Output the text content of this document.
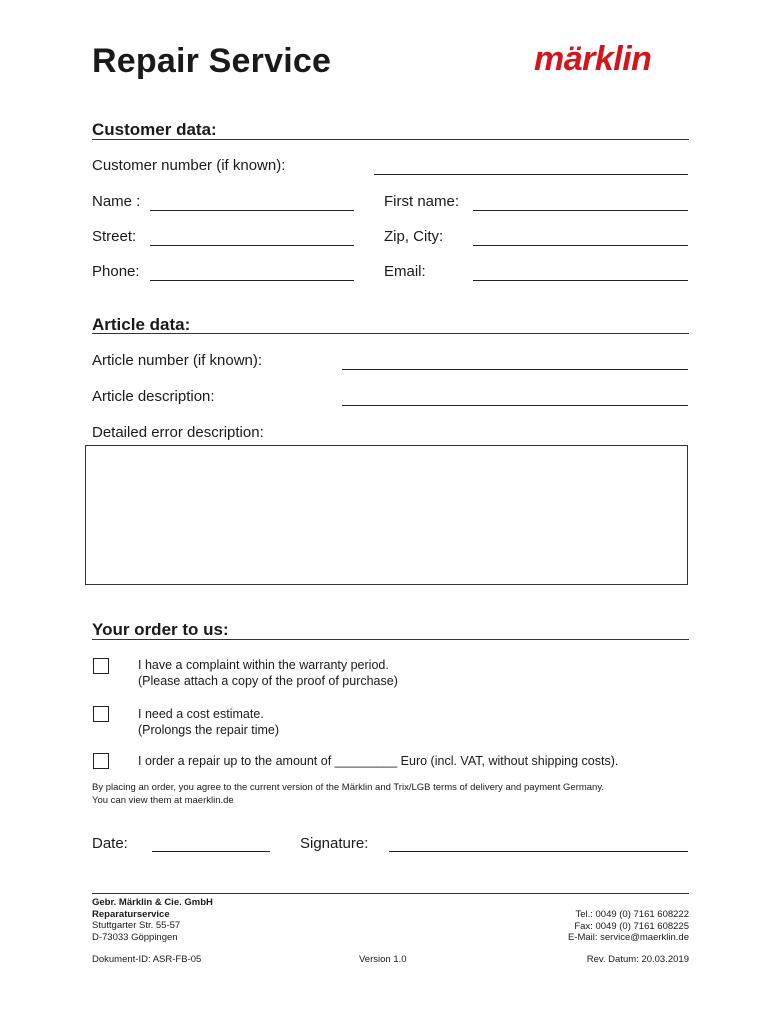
Repair Service	märklin
Customer data:
Customer number (if known):
Name :	First name:
Street:	Zip, City:
Phone:	Email:
Article data:
Article number (if known):
Article description:
Detailed error description:
Your order to us:
I have a complaint within the warranty period.
(Please attach a copy of the proof of purchase)
I need a cost estimate.
(Prolongs the repair time)
I order a repair up to the amount of _________ Euro (incl. VAT, without shipping costs).
By placing an order, you agree to the current version of the Märklin and Trix/LGB terms of delivery and payment Germany.
You can view them at maerklin.de
Date:	Signature:
Gebr. Märklin & Cie. GmbH
Reparaturservice
Stuttgarter Str. 55-57
D-73033 Göppingen
Tel.: 0049 (0) 7161 608222
Fax: 0049 (0) 7161 608225
E-Mail: service@maerklin.de
Dokument-ID: ASR-FB-05	Version 1.0	Rev. Datum: 20.03.2019
